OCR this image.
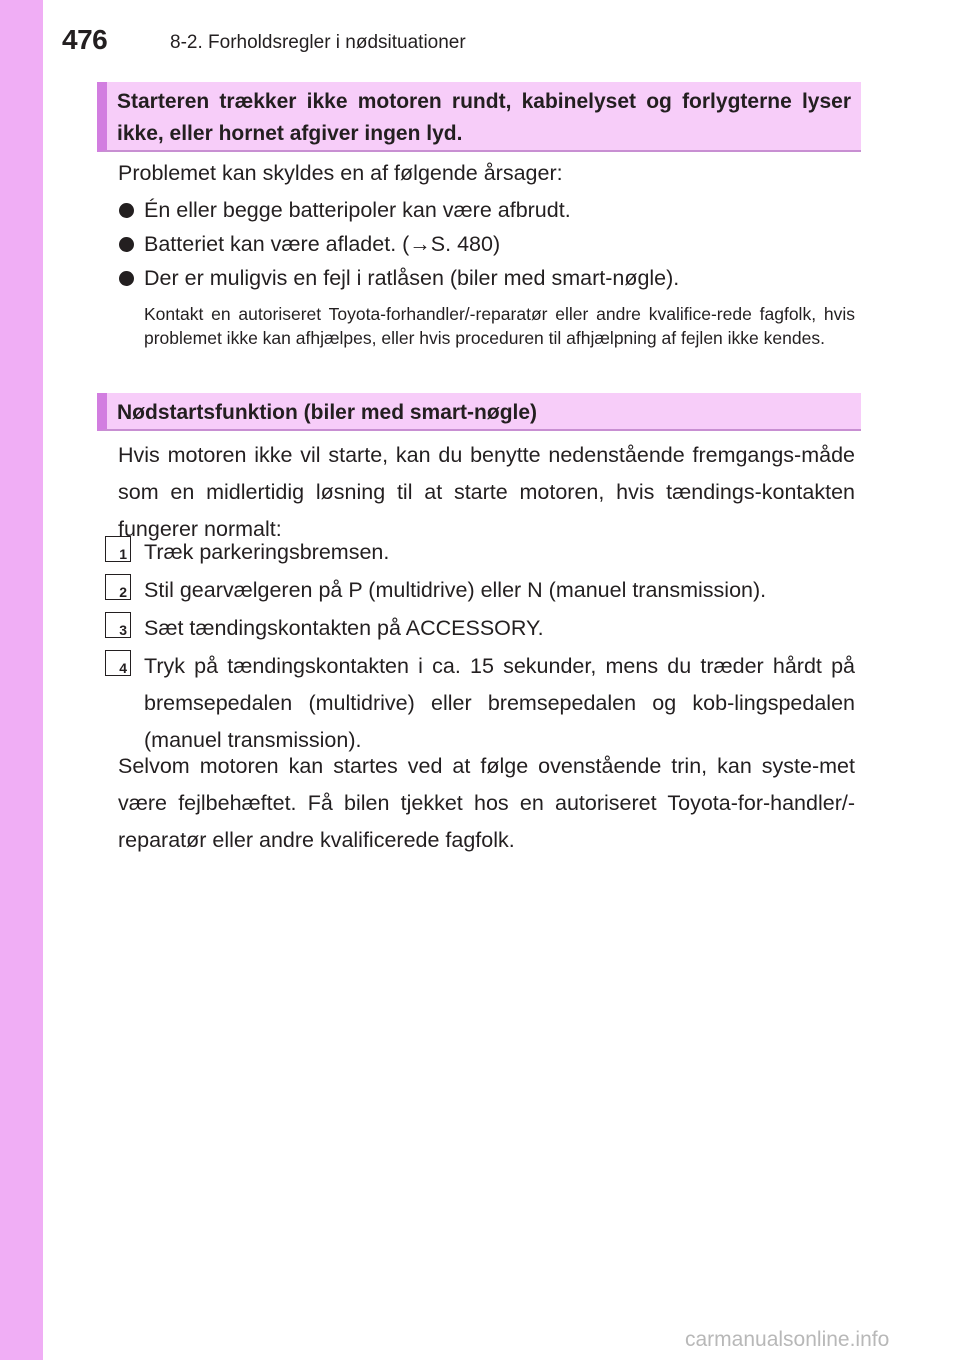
476	8-2. Forholdsregler i nødsituationer
Starteren trækker ikke motoren rundt, kabinelyset og forlygterne lyser ikke, eller hornet afgiver ingen lyd.
Problemet kan skyldes en af følgende årsager:
Én eller begge batteripoler kan være afbrudt.
Batteriet kan være afladet. (→S. 480)
Der er muligvis en fejl i ratlåsen (biler med smart-nøgle).
Kontakt en autoriseret Toyota-forhandler/-reparatør eller andre kvalifice-rede fagfolk, hvis problemet ikke kan afhjælpes, eller hvis proceduren til afhjælpning af fejlen ikke kendes.
Nødstartsfunktion (biler med smart-nøgle)
Hvis motoren ikke vil starte, kan du benytte nedenstående fremgangs-måde som en midlertidig løsning til at starte motoren, hvis tændings-kontakten fungerer normalt:
1 Træk parkeringsbremsen.
2 Stil gearvælgeren på P (multidrive) eller N (manuel transmission).
3 Sæt tændingskontakten på ACCESSORY.
4 Tryk på tændingskontakten i ca. 15 sekunder, mens du træder hårdt på bremsepedalen (multidrive) eller bremsepedalen og kob-lingspedalen (manuel transmission).
Selvom motoren kan startes ved at følge ovenstående trin, kan syste-met være fejlbehæftet. Få bilen tjekket hos en autoriseret Toyota-for-handler/-reparatør eller andre kvalificerede fagfolk.
carmanualsonline.info
